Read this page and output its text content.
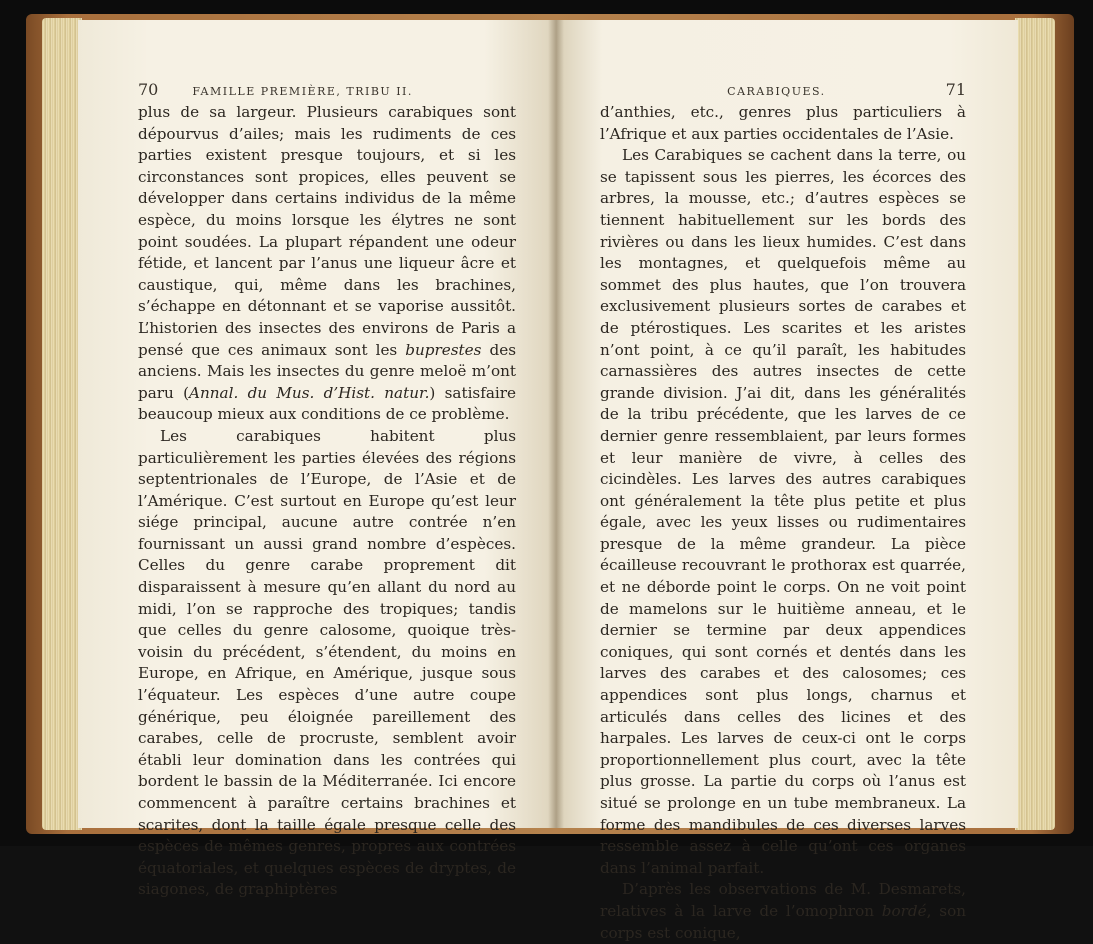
70	FAMILLE PREMIÈRE, TRIBU II.

plus de sa largeur. Plusieurs carabiques sont dépourvus d’ailes; mais les rudiments de ces parties existent presque toujours, et si les circonstances sont propices, elles peuvent se développer dans certains individus de la même espèce, du moins lorsque les élytres ne sont point soudées. La plupart répandent une odeur fétide, et lancent par l’anus une liqueur âcre et caustique, qui, même dans les brachines, s’échappe en détonnant et se vaporise aussitôt. L’historien des insectes des environs de Paris a pensé que ces animaux sont les buprestes des anciens. Mais les insectes du genre meloë m’ont paru (Annal. du Mus. d’Hist. natur.) satisfaire beaucoup mieux aux conditions de ce problème.

Les carabiques habitent plus particulièrement les parties élevées des régions septentrionales de l’Europe, de l’Asie et de l’Amérique. C’est surtout en Europe qu’est leur siége principal, aucune autre contrée n’en fournissant un aussi grand nombre d’espèces. Celles du genre carabe proprement dit disparaissent à mesure qu’en allant du nord au midi, l’on se rapproche des tropiques; tandis que celles du genre calosome, quoique très-voisin du précédent, s’étendent, du moins en Europe, en Afrique, en Amérique, jusque sous l’équateur. Les espèces d’une autre coupe générique, peu éloignée pareillement des carabes, celle de procruste, semblent avoir établi leur domination dans les contrées qui bordent le bassin de la Méditerranée. Ici encore commencent à paraître certains brachines et scarites, dont la taille égale presque celle des espèces de mêmes genres, propres aux contrées équatoriales, et quelques espèces de dryptes, de siagones, de graphiptères

CARABIQUES.	71

d’anthies, etc., genres plus particuliers à l’Afrique et aux parties occidentales de l’Asie.

Les Carabiques se cachent dans la terre, ou se tapissent sous les pierres, les écorces des arbres, la mousse, etc.; d’autres espèces se tiennent habituellement sur les bords des rivières ou dans les lieux humides. C’est dans les montagnes, et quelquefois même au sommet des plus hautes, que l’on trouvera exclusivement plusieurs sortes de carabes et de ptérostiques. Les scarites et les aristes n’ont point, à ce qu’il paraît, les habitudes carnassières des autres insectes de cette grande division. J’ai dit, dans les généralités de la tribu précédente, que les larves de ce dernier genre ressemblaient, par leurs formes et leur manière de vivre, à celles des cicindèles. Les larves des autres carabiques ont généralement la tête plus petite et plus égale, avec les yeux lisses ou rudimentaires presque de la même grandeur. La pièce écailleuse recouvrant le prothorax est quarrée, et ne déborde point le corps. On ne voit point de mamelons sur le huitième anneau, et le dernier se termine par deux appendices coniques, qui sont cornés et dentés dans les larves des carabes et des calosomes; ces appendices sont plus longs, charnus et articulés dans celles des licines et des harpales. Les larves de ceux-ci ont le corps proportionnellement plus court, avec la tête plus grosse. La partie du corps où l’anus est situé se prolonge en un tube membraneux. La forme des mandibules de ces diverses larves ressemble assez à celle qu’ont ces organes dans l’animal parfait.

D’après les observations de M. Desmarets, relatives à la larve de l’omophron bordé, son corps est conique,
